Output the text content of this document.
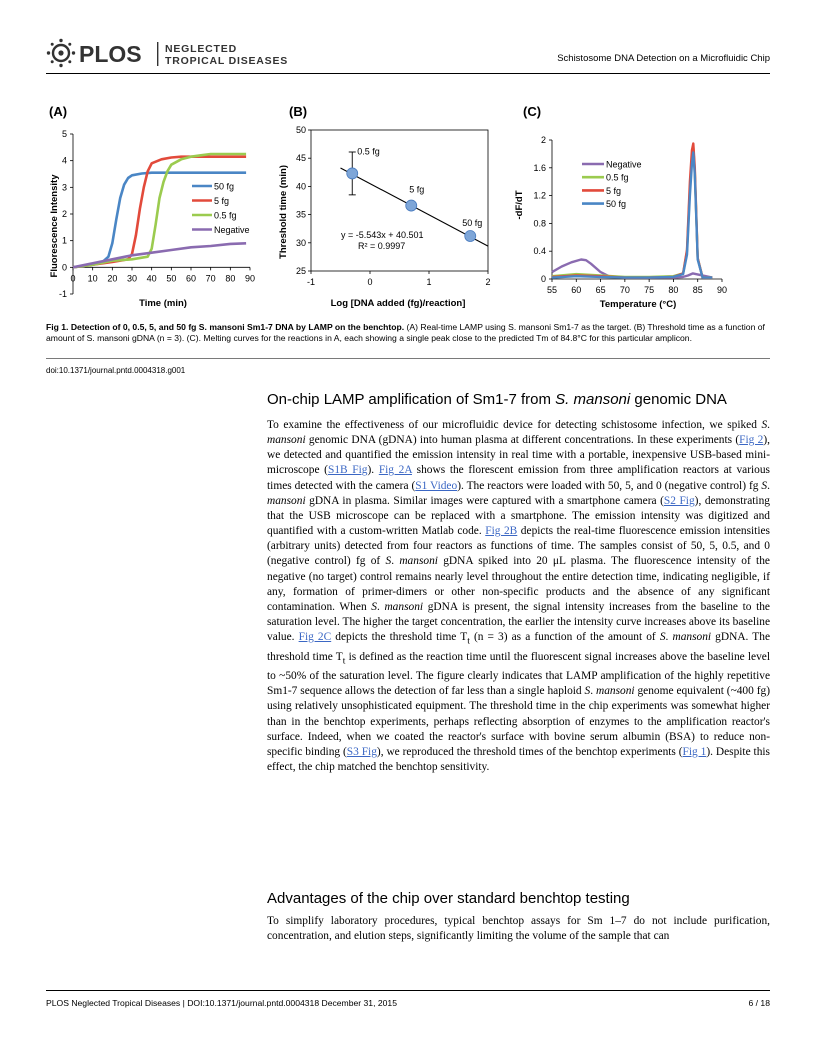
PLOS NEGLECTED
TROPICAL DISEASES	Schistosome DNA Detection on a Microfluidic Chip
(A)	(B)	(C)
Fluorescence Intensity
Time (min)
-1
0
1
2
3
4
5
0 10 20 30 40 50 60 70 80 90
50 fg
5 fg
0.5 fg
Negative	Threshold time (min)
Log [DNA added (fg)/reaction]
y = -5.543x + 40.501
R² = 0.9997
25
30
35
40
45
50
-1	0	1	2
0.5 fg
5 fg
50 fg
-dF/dT
Temperature (°C)
0
0.4
0.8
1.2
1.6
2
55 60 65 70 75 80 85 90
Negative
0.5 fg
5 fg
50 fg
Fig 1. Detection of 0, 0.5, 5, and 50 fg S. mansoni Sm1-7 DNA by LAMP on the benchtop. (A) Real-time LAMP using S. mansoni Sm1-7 as the target. (B) Threshold time as a function of amount of S. mansoni gDNA (n = 3). (C). Melting curves for the reactions in A, each showing a single peak close to the predicted Tm of 84.8°C for this particular amplicon.
doi:10.1371/journal.pntd.0004318.g001
On-chip LAMP amplification of Sm1-7 from S. mansoni genomic DNA
To examine the effectiveness of our microfluidic device for detecting schistosome infection, we spiked S. mansoni genomic DNA (gDNA) into human plasma at different concentrations. In these experiments (Fig 2), we detected and quantified the emission intensity in real time with a portable, inexpensive USB-based mini-microscope (S1B Fig). Fig 2A shows the florescent emission from three amplification reactors at various times detected with the camera (S1 Video). The reactors were loaded with 50, 5, and 0 (negative control) fg S. mansoni gDNA in plasma. Similar images were captured with a smartphone camera (S2 Fig), demonstrating that the USB microscope can be replaced with a smartphone. The emission intensity was digitized and quantified with a custom-written Matlab code. Fig 2B depicts the real-time fluorescence emission intensities (arbitrary units) detected from four reactors as functions of time. The samples consist of 50, 5, 0.5, and 0 (negative control) fg of S. mansoni gDNA spiked into 20 μL plasma. The fluorescence intensity of the negative (no target) control remains nearly level throughout the entire detection time, indicating negligible, if any, formation of primer-dimers or other non-specific products and the absence of any significant contamination. When S. mansoni gDNA is present, the signal intensity increases from the baseline to the saturation level. The higher the target concentration, the earlier the intensity curve increases above its baseline value. Fig 2C depicts the threshold time $T_t$ (n = 3) as a function of the amount of S. mansoni gDNA. The threshold time $T_t$ is defined as the reaction time until the fluorescent signal increases above the baseline level to ~50% of the saturation level. The figure clearly indicates that LAMP amplification of the highly repetitive Sm1-7 sequence allows the detection of far less than a single haploid S. mansoni genome equivalent (~400 fg) using relatively unsophisticated equipment. The threshold time in the chip experiments was somewhat higher than in the benchtop experiments, perhaps reflecting absorption of enzymes to the amplification reactor's surface. Indeed, when we coated the reactor's surface with bovine serum albumin (BSA) to reduce non-specific binding (S3 Fig), we reproduced the threshold times of the benchtop experiments (Fig 1). Despite this effect, the chip matched the benchtop sensitivity.
Advantages of the chip over standard benchtop testing
To simplify laboratory procedures, typical benchtop assays for Sm 1–7 do not include purification, concentration, and elution steps, significantly limiting the volume of the sample that can
PLOS Neglected Tropical Diseases | DOI:10.1371/journal.pntd.0004318 December 31, 2015	6 / 18
